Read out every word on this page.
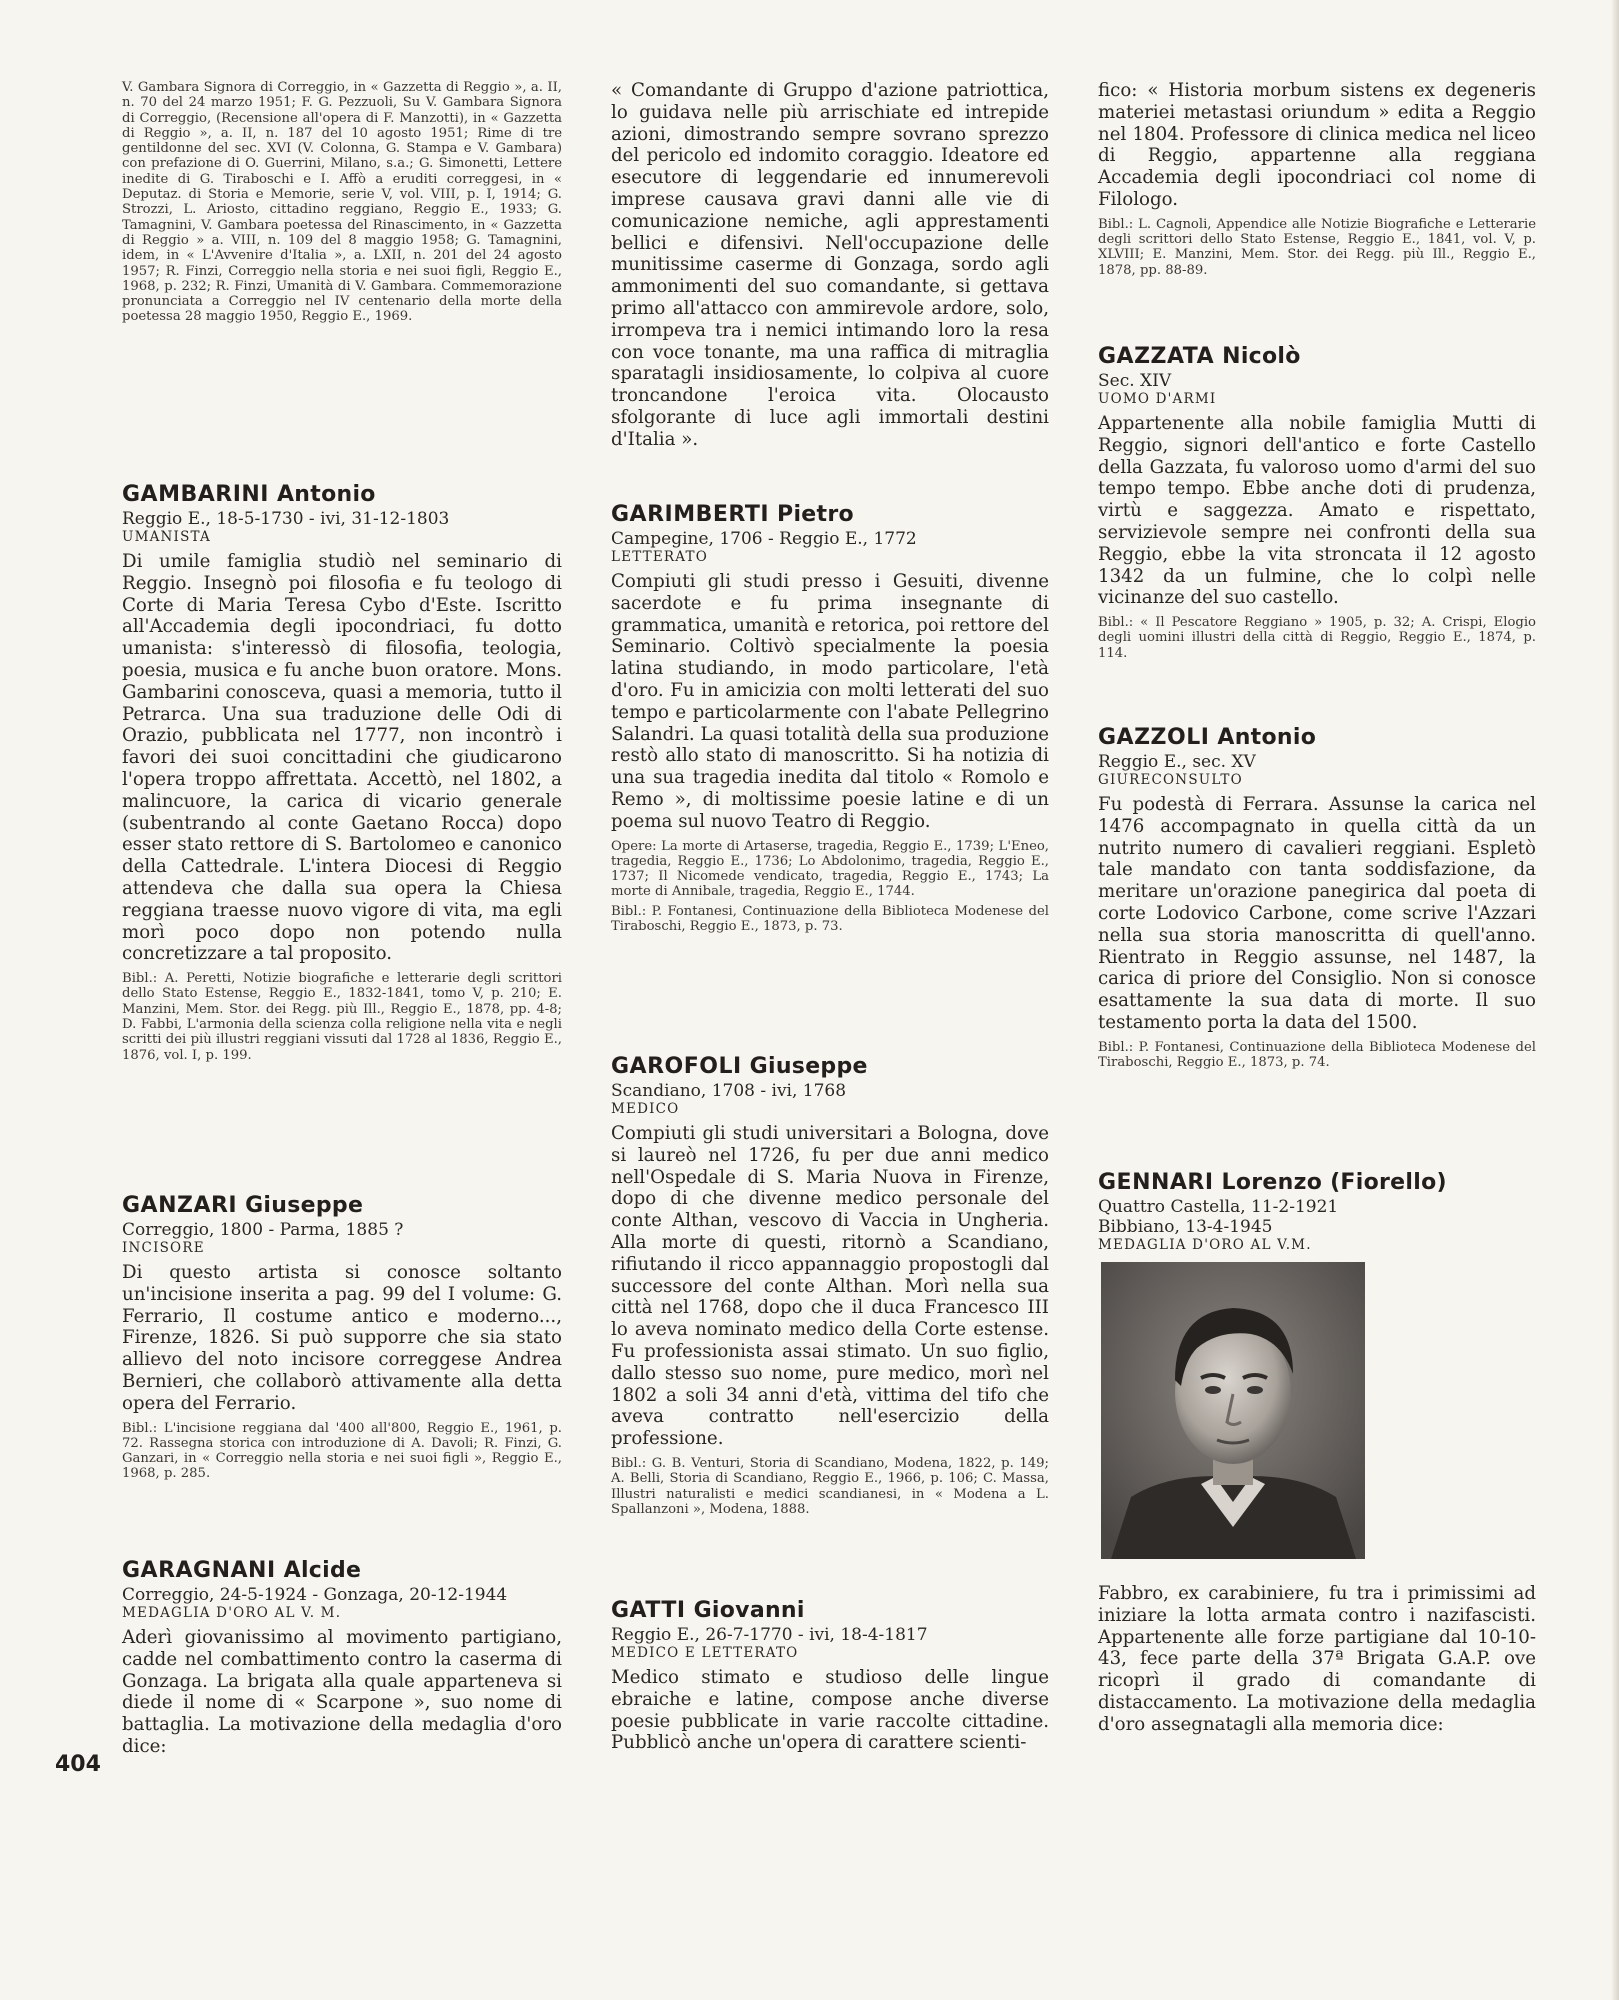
V. Gambara Signora di Correggio, in « Gazzetta di Reggio », a. II, n. 70 del 24 marzo 1951; F. G. Pezzuoli, Su V. Gambara Signora di Correggio, (Recensione all'opera di F. Manzotti), in « Gazzetta di Reggio », a. II, n. 187 del 10 agosto 1951; Rime di tre gentildonne del sec. XVI (V. Colonna, G. Stampa e V. Gambara) con prefazione di O. Guerrini, Milano, s.a.; G. Simonetti, Lettere inedite di G. Tiraboschi e I. Affò a eruditi correggesi, in « Deputaz. di Storia e Memorie, serie V, vol. VIII, p. I, 1914; G. Strozzi, L. Ariosto, cittadino reggiano, Reggio E., 1933; G. Tamagnini, V. Gambara poetessa del Rinascimento, in « Gazzetta di Reggio » a. VIII, n. 109 del 8 maggio 1958; G. Tamagnini, idem, in « L'Avvenire d'Italia », a. LXII, n. 201 del 24 agosto 1957; R. Finzi, Correggio nella storia e nei suoi figli, Reggio E., 1968, p. 232; R. Finzi, Umanità di V. Gambara. Commemorazione pronunciata a Correggio nel IV centenario della morte della poetessa 28 maggio 1950, Reggio E., 1969.

GAMBARINI Antonio

Reggio E., 18-5-1730 - ivi, 31-12-1803

UMANISTA

Di umile famiglia studiò nel seminario di Reggio. Insegnò poi filosofia e fu teologo di Corte di Maria Teresa Cybo d'Este. Iscritto all'Accademia degli ipocondriaci, fu dotto umanista: s'interessò di filosofia, teologia, poesia, musica e fu anche buon oratore. Mons. Gambarini conosceva, quasi a memoria, tutto il Petrarca. Una sua traduzione delle Odi di Orazio, pubblicata nel 1777, non incontrò i favori dei suoi concittadini che giudicarono l'opera troppo affrettata. Accettò, nel 1802, a malincuore, la carica di vicario generale (subentrando al conte Gaetano Rocca) dopo esser stato rettore di S. Bartolomeo e canonico della Cattedrale. L'intera Diocesi di Reggio attendeva che dalla sua opera la Chiesa reggiana traesse nuovo vigore di vita, ma egli morì poco dopo non potendo nulla concretizzare a tal proposito.

Bibl.: A. Peretti, Notizie biografiche e letterarie degli scrittori dello Stato Estense, Reggio E., 1832-1841, tomo V, p. 210; E. Manzini, Mem. Stor. dei Regg. più Ill., Reggio E., 1878, pp. 4-8; D. Fabbi, L'armonia della scienza colla religione nella vita e negli scritti dei più illustri reggiani vissuti dal 1728 al 1836, Reggio E., 1876, vol. I, p. 199.

GANZARI Giuseppe

Correggio, 1800 - Parma, 1885 ?

INCISORE

Di questo artista si conosce soltanto un'incisione inserita a pag. 99 del I volume: G. Ferrario, Il costume antico e moderno..., Firenze, 1826. Si può supporre che sia stato allievo del noto incisore correggese Andrea Bernieri, che collaborò attivamente alla detta opera del Ferrario.

Bibl.: L'incisione reggiana dal '400 all'800, Reggio E., 1961, p. 72. Rassegna storica con introduzione di A. Davoli; R. Finzi, G. Ganzari, in « Correggio nella storia e nei suoi figli », Reggio E., 1968, p. 285.

GARAGNANI Alcide

Correggio, 24-5-1924 - Gonzaga, 20-12-1944

MEDAGLIA D'ORO AL V. M.

Aderì giovanissimo al movimento partigiano, cadde nel combattimento contro la caserma di Gonzaga. La brigata alla quale apparteneva si diede il nome di « Scarpone », suo nome di battaglia. La motivazione della medaglia d'oro dice:

« Comandante di Gruppo d'azione patriottica, lo guidava nelle più arrischiate ed intrepide azioni, dimostrando sempre sovrano sprezzo del pericolo ed indomito coraggio. Ideatore ed esecutore di leggendarie ed innumerevoli imprese causava gravi danni alle vie di comunicazione nemiche, agli apprestamenti bellici e difensivi. Nell'occupazione delle munitissime caserme di Gonzaga, sordo agli ammonimenti del suo comandante, si gettava primo all'attacco con ammirevole ardore, solo, irrompeva tra i nemici intimando loro la resa con voce tonante, ma una raffica di mitraglia sparatagli insidiosamente, lo colpiva al cuore troncandone l'eroica vita. Olocausto sfolgorante di luce agli immortali destini d'Italia ».

GARIMBERTI Pietro

Campegine, 1706 - Reggio E., 1772

LETTERATO

Compiuti gli studi presso i Gesuiti, divenne sacerdote e fu prima insegnante di grammatica, umanità e retorica, poi rettore del Seminario. Coltivò specialmente la poesia latina studiando, in modo particolare, l'età d'oro. Fu in amicizia con molti letterati del suo tempo e particolarmente con l'abate Pellegrino Salandri. La quasi totalità della sua produzione restò allo stato di manoscritto. Si ha notizia di una sua tragedia inedita dal titolo « Romolo e Remo », di moltissime poesie latine e di un poema sul nuovo Teatro di Reggio.

Opere: La morte di Artaserse, tragedia, Reggio E., 1739; L'Eneo, tragedia, Reggio E., 1736; Lo Abdolonimo, tragedia, Reggio E., 1737; Il Nicomede vendicato, tragedia, Reggio E., 1743; La morte di Annibale, tragedia, Reggio E., 1744.

Bibl.: P. Fontanesi, Continuazione della Biblioteca Modenese del Tiraboschi, Reggio E., 1873, p. 73.

GAROFOLI Giuseppe

Scandiano, 1708 - ivi, 1768

MEDICO

Compiuti gli studi universitari a Bologna, dove si laureò nel 1726, fu per due anni medico nell'Ospedale di S. Maria Nuova in Firenze, dopo di che divenne medico personale del conte Althan, vescovo di Vaccia in Ungheria. Alla morte di questi, ritornò a Scandiano, rifiutando il ricco appannaggio propostogli dal successore del conte Althan. Morì nella sua città nel 1768, dopo che il duca Francesco III lo aveva nominato medico della Corte estense. Fu professionista assai stimato. Un suo figlio, dallo stesso suo nome, pure medico, morì nel 1802 a soli 34 anni d'età, vittima del tifo che aveva contratto nell'esercizio della professione.

Bibl.: G. B. Venturi, Storia di Scandiano, Modena, 1822, p. 149; A. Belli, Storia di Scandiano, Reggio E., 1966, p. 106; C. Massa, Illustri naturalisti e medici scandianesi, in « Modena a L. Spallanzoni », Modena, 1888.

GATTI Giovanni

Reggio E., 26-7-1770 - ivi, 18-4-1817

MEDICO E LETTERATO

Medico stimato e studioso delle lingue ebraiche e latine, compose anche diverse poesie pubblicate in varie raccolte cittadine. Pubblicò anche un'opera di carattere scienti-

fico: « Historia morbum sistens ex degeneris materiei metastasi oriundum » edita a Reggio nel 1804. Professore di clinica medica nel liceo di Reggio, appartenne alla reggiana Accademia degli ipocondriaci col nome di Filologo.

Bibl.: L. Cagnoli, Appendice alle Notizie Biografiche e Letterarie degli scrittori dello Stato Estense, Reggio E., 1841, vol. V, p. XLVIII; E. Manzini, Mem. Stor. dei Regg. più Ill., Reggio E., 1878, pp. 88-89.

GAZZATA Nicolò

Sec. XIV

UOMO D'ARMI

Appartenente alla nobile famiglia Mutti di Reggio, signori dell'antico e forte Castello della Gazzata, fu valoroso uomo d'armi del suo tempo tempo. Ebbe anche doti di prudenza, virtù e saggezza. Amato e rispettato, servizievole sempre nei confronti della sua Reggio, ebbe la vita stroncata il 12 agosto 1342 da un fulmine, che lo colpì nelle vicinanze del suo castello.

Bibl.: « Il Pescatore Reggiano » 1905, p. 32; A. Crispi, Elogio degli uomini illustri della città di Reggio, Reggio E., 1874, p. 114.

GAZZOLI Antonio

Reggio E., sec. XV

GIURECONSULTO

Fu podestà di Ferrara. Assunse la carica nel 1476 accompagnato in quella città da un nutrito numero di cavalieri reggiani. Espletò tale mandato con tanta soddisfazione, da meritare un'orazione panegirica dal poeta di corte Lodovico Carbone, come scrive l'Azzari nella sua storia manoscritta di quell'anno. Rientrato in Reggio assunse, nel 1487, la carica di priore del Consiglio. Non si conosce esattamente la sua data di morte. Il suo testamento porta la data del 1500.

Bibl.: P. Fontanesi, Continuazione della Biblioteca Modenese del Tiraboschi, Reggio E., 1873, p. 74.

GENNARI Lorenzo (Fiorello)

Quattro Castella, 11-2-1921

Bibbiano, 13-4-1945

MEDAGLIA D'ORO AL V.M.

Fabbro, ex carabiniere, fu tra i primissimi ad iniziare la lotta armata contro i nazifascisti. Appartenente alle forze partigiane dal 10-10-43, fece parte della 37ª Brigata G.A.P. ove ricoprì il grado di comandante di distaccamento. La motivazione della medaglia d'oro assegnatagli alla memoria dice:

404
